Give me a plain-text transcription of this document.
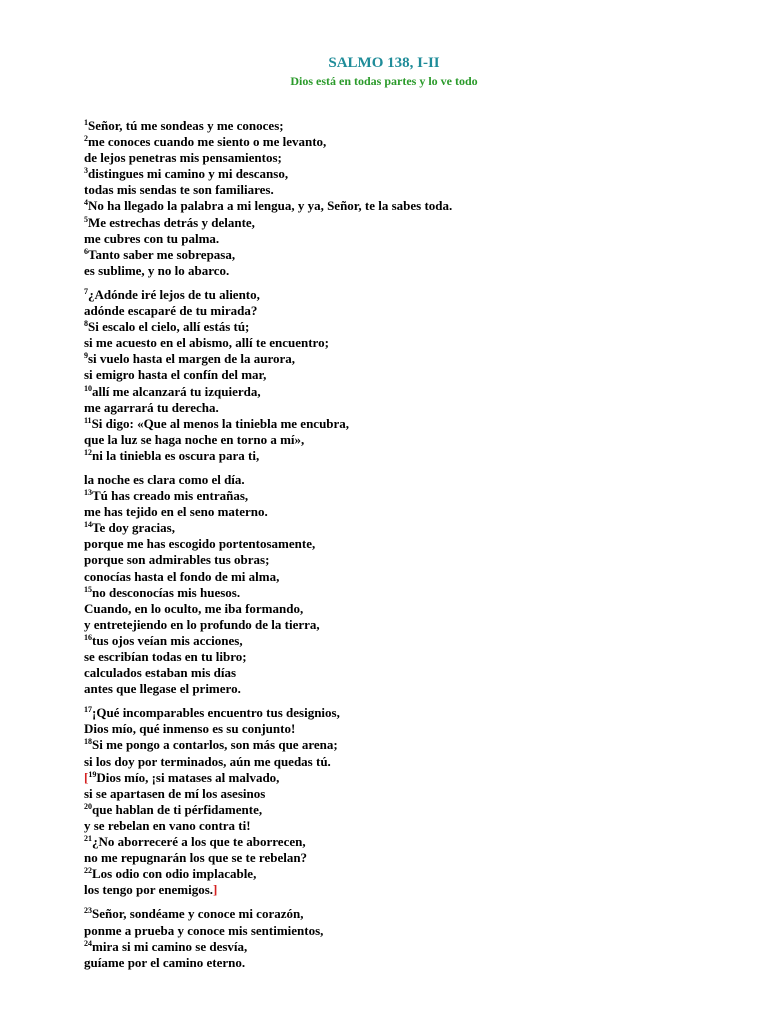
SALMO 138, I-II
Dios está en todas partes y lo ve todo
$^1$Señor, tú me sondeas y me conoces;
$^2$me conoces cuando me siento o me levanto,
de lejos penetras mis pensamientos;
$^3$distingues mi camino y mi descanso,
todas mis sendas te son familiares.
$^4$No ha llegado la palabra a mi lengua, y ya, Señor, te la sabes toda.
$^5$Me estrechas detrás y delante,
me cubres con tu palma.
$^6$Tanto saber me sobrepasa,
es sublime, y no lo abarco.
$^7$¿Adónde iré lejos de tu aliento,
adónde escaparé de tu mirada?
$^8$Si escalo el cielo, allí estás tú;
si me acuesto en el abismo, allí te encuentro;
$^9$si vuelo hasta el margen de la aurora,
si emigro hasta el confín del mar,
$^{10}$allí me alcanzará tu izquierda,
me agarrará tu derecha.
$^{11}$Si digo: «Que al menos la tiniebla me encubra,
que la luz se haga noche en torno a mí»,
$^{12}$ni la tiniebla es oscura para ti,
la noche es clara como el día.
$^{13}$Tú has creado mis entrañas,
me has tejido en el seno materno.
$^{14}$Te doy gracias,
porque me has escogido portentosamente,
porque son admirables tus obras;
conocías hasta el fondo de mi alma,
$^{15}$no desconocías mis huesos.
Cuando, en lo oculto, me iba formando,
y entretejiendo en lo profundo de la tierra,
$^{16}$tus ojos veían mis acciones,
se escribían todas en tu libro;
calculados estaban mis días
antes que llegase el primero.
$^{17}$¡Qué incomparables encuentro tus designios,
Dios mío, qué inmenso es su conjunto!
$^{18}$Si me pongo a contarlos, son más que arena;
si los doy por terminados, aún me quedas tú.
[$^{19}$Dios mío, ¡si matases al malvado,
si se apartasen de mí los asesinos
$^{20}$que hablan de ti pérfidamente,
y se rebelan en vano contra ti!
$^{21}$¿No aborreceré a los que te aborrecen,
no me repugnarán los que se te rebelan?
$^{22}$Los odio con odio implacable,
los tengo por enemigos.]
$^{23}$Señor, sondéame y conoce mi corazón,
ponme a prueba y conoce mis sentimientos,
$^{24}$mira si mi camino se desvía,
guíame por el camino eterno.
